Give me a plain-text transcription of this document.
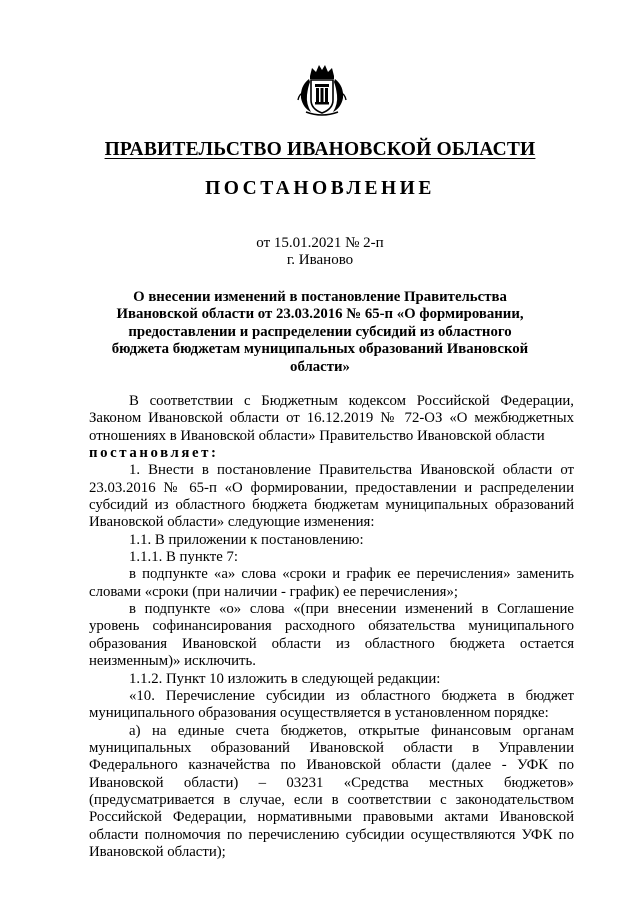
ПРАВИТЕЛЬСТВО ИВАНОВСКОЙ ОБЛАСТИ
ПОСТАНОВЛЕНИЕ
от 15.01.2021 № 2-п
г. Иваново
О внесении изменений в постановление Правительства Ивановской области от 23.03.2016 № 65-п «О формировании, предоставлении и распределении субсидий из областного бюджета бюджетам муниципальных образований Ивановской области»

В соответствии с Бюджетным кодексом Российской Федерации, Законом Ивановской области от 16.12.2019 № 72-ОЗ «О межбюджетных отношениях в Ивановской области» Правительство Ивановской области

постановляет:

1. Внести в постановление Правительства Ивановской области от 23.03.2016 № 65-п «О формировании, предоставлении и распределении субсидий из областного бюджета бюджетам муниципальных образований Ивановской области» следующие изменения:

1.1. В приложении к постановлению:

1.1.1. В пункте 7:

в подпункте «а» слова «сроки и график ее перечисления» заменить словами «сроки (при наличии - график) ее перечисления»;

в подпункте «о» слова «(при внесении изменений в Соглашение уровень софинансирования расходного обязательства муниципального образования Ивановской области из областного бюджета остается неизменным)» исключить.

1.1.2. Пункт 10 изложить в следующей редакции:

«10. Перечисление субсидии из областного бюджета в бюджет муниципального образования осуществляется в установленном порядке:

а) на единые счета бюджетов, открытые финансовым органам муниципальных образований Ивановской области в Управлении Федерального казначейства по Ивановской области (далее - УФК по Ивановской области) – 03231 «Средства местных бюджетов» (предусматривается в случае, если в соответствии с законодательством Российской Федерации, нормативными правовыми актами Ивановской области полномочия по перечислению субсидии осуществляются УФК по Ивановской области);
